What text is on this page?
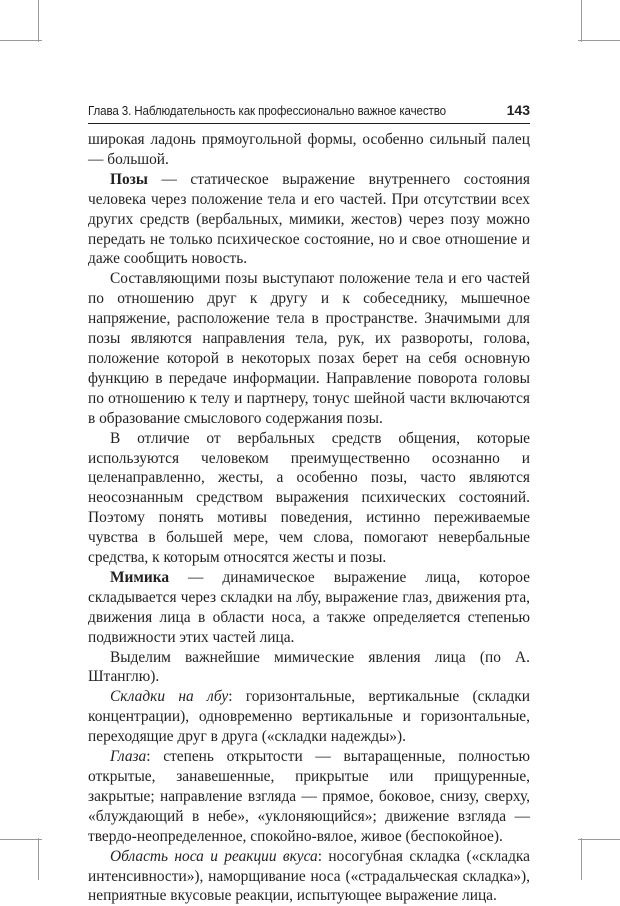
Глава 3. Наблюдательность как профессионально важное качество	143

широкая ладонь прямоугольной формы, особенно сильный палец — большой.

Позы — статическое выражение внутреннего состояния человека через положение тела и его частей. При отсутствии всех других средств (вербальных, мимики, жестов) через позу можно передать не только психическое состояние, но и свое отношение и даже сообщить новость.

Составляющими позы выступают положение тела и его частей по отношению друг к другу и к собеседнику, мышечное напряжение, расположение тела в пространстве. Значимыми для позы являются направления тела, рук, их развороты, голова, положение которой в некоторых позах берет на себя основную функцию в передаче информации. Направление поворота головы по отношению к телу и партнеру, тонус шейной части включаются в образование смыслового содержания позы.

В отличие от вербальных средств общения, которые используются человеком преимущественно осознанно и целенаправленно, жесты, а особенно позы, часто являются неосознанным средством выражения психических состояний. Поэтому понять мотивы поведения, истинно переживаемые чувства в большей мере, чем слова, помогают невербальные средства, к которым относятся жесты и позы.

Мимика — динамическое выражение лица, которое складывается через складки на лбу, выражение глаз, движения рта, движения лица в области носа, а также определяется степенью подвижности этих частей лица.

Выделим важнейшие мимические явления лица (по А. Штанглю).

Складки на лбу: горизонтальные, вертикальные (складки концентрации), одновременно вертикальные и горизонтальные, переходящие друг в друга («складки надежды»).

Глаза: степень открытости — вытаращенные, полностью открытые, занавешенные, прикрытые или прищуренные, закрытые; направление взгляда — прямое, боковое, снизу, сверху, «блуждающий в небе», «уклоняющийся»; движение взгляда — твердо-неопределенное, спокойно-вялое, живое (беспокойное).

Область носа и реакции вкуса: носогубная складка («складка интенсивности»), наморщивание носа («страдальческая складка»), неприятные вкусовые реакции, испытующее выражение лица.
